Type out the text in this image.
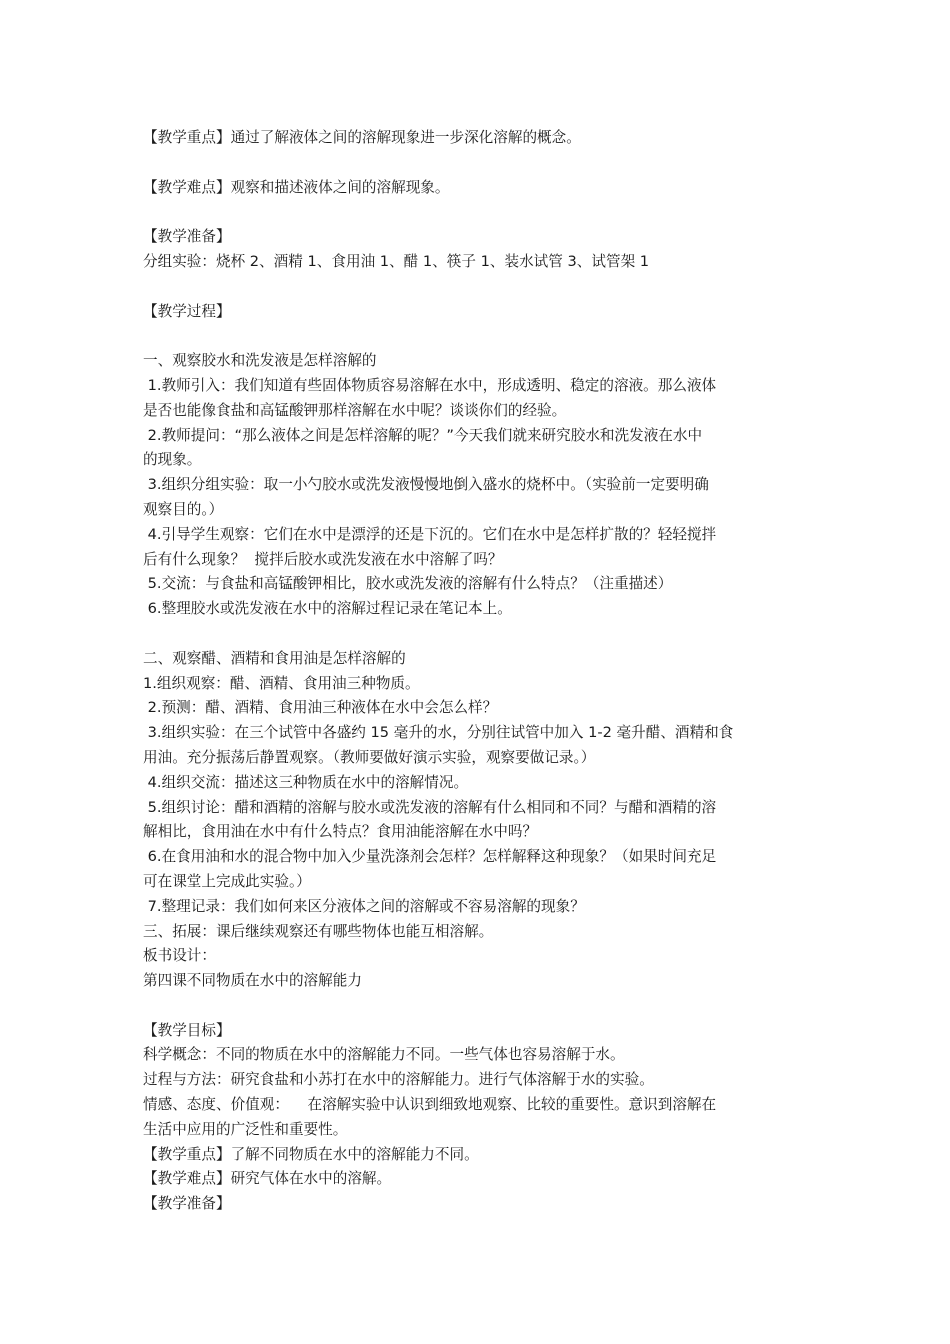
【教学重点】通过了解液体之间的溶解现象进一步深化溶解的概念。
【教学难点】观察和描述液体之间的溶解现象。
【教学准备】
分组实验：烧杯 2、酒精 1、食用油 1、醋 1、筷子 1、装水试管 3、试管架 1
【教学过程】
一、观察胶水和洗发液是怎样溶解的
1.教师引入：我们知道有些固体物质容易溶解在水中，形成透明、稳定的溶液。那么液体
是否也能像食盐和高锰酸钾那样溶解在水中呢？谈谈你们的经验。
2.教师提问：“那么液体之间是怎样溶解的呢？”今天我们就来研究胶水和洗发液在水中
的现象。
3.组织分组实验：取一小勺胶水或洗发液慢慢地倒入盛水的烧杯中。（实验前一定要明确
观察目的。）
4.引导学生观察：它们在水中是漂浮的还是下沉的。它们在水中是怎样扩散的？轻轻搅拌
后有什么现象？  搅拌后胶水或洗发液在水中溶解了吗？
5.交流：与食盐和高锰酸钾相比，胶水或洗发液的溶解有什么特点？（注重描述）
6.整理胶水或洗发液在水中的溶解过程记录在笔记本上。
二、观察醋、酒精和食用油是怎样溶解的
1.组织观察：醋、酒精、食用油三种物质。
2.预测：醋、酒精、食用油三种液体在水中会怎么样？
3.组织实验：在三个试管中各盛约 15 毫升的水，分别往试管中加入 1-2 毫升醋、酒精和食
用油。充分振荡后静置观察。（教师要做好演示实验，观察要做记录。）
4.组织交流：描述这三种物质在水中的溶解情况。
5.组织讨论：醋和酒精的溶解与胶水或洗发液的溶解有什么相同和不同？与醋和酒精的溶
解相比，食用油在水中有什么特点？食用油能溶解在水中吗？
6.在食用油和水的混合物中加入少量洗涤剂会怎样？怎样解释这种现象？（如果时间充足
可在课堂上完成此实验。）
7.整理记录：我们如何来区分液体之间的溶解或不容易溶解的现象？
三、拓展：课后继续观察还有哪些物体也能互相溶解。
板书设计：
第四课不同物质在水中的溶解能力
【教学目标】
科学概念：不同的物质在水中的溶解能力不同。一些气体也容易溶解于水。
过程与方法：研究食盐和小苏打在水中的溶解能力。进行气体溶解于水的实验。
情感、态度、价值观：    在溶解实验中认识到细致地观察、比较的重要性。意识到溶解在
生活中应用的广泛性和重要性。
【教学重点】了解不同物质在水中的溶解能力不同。
【教学难点】研究气体在水中的溶解。
【教学准备】
